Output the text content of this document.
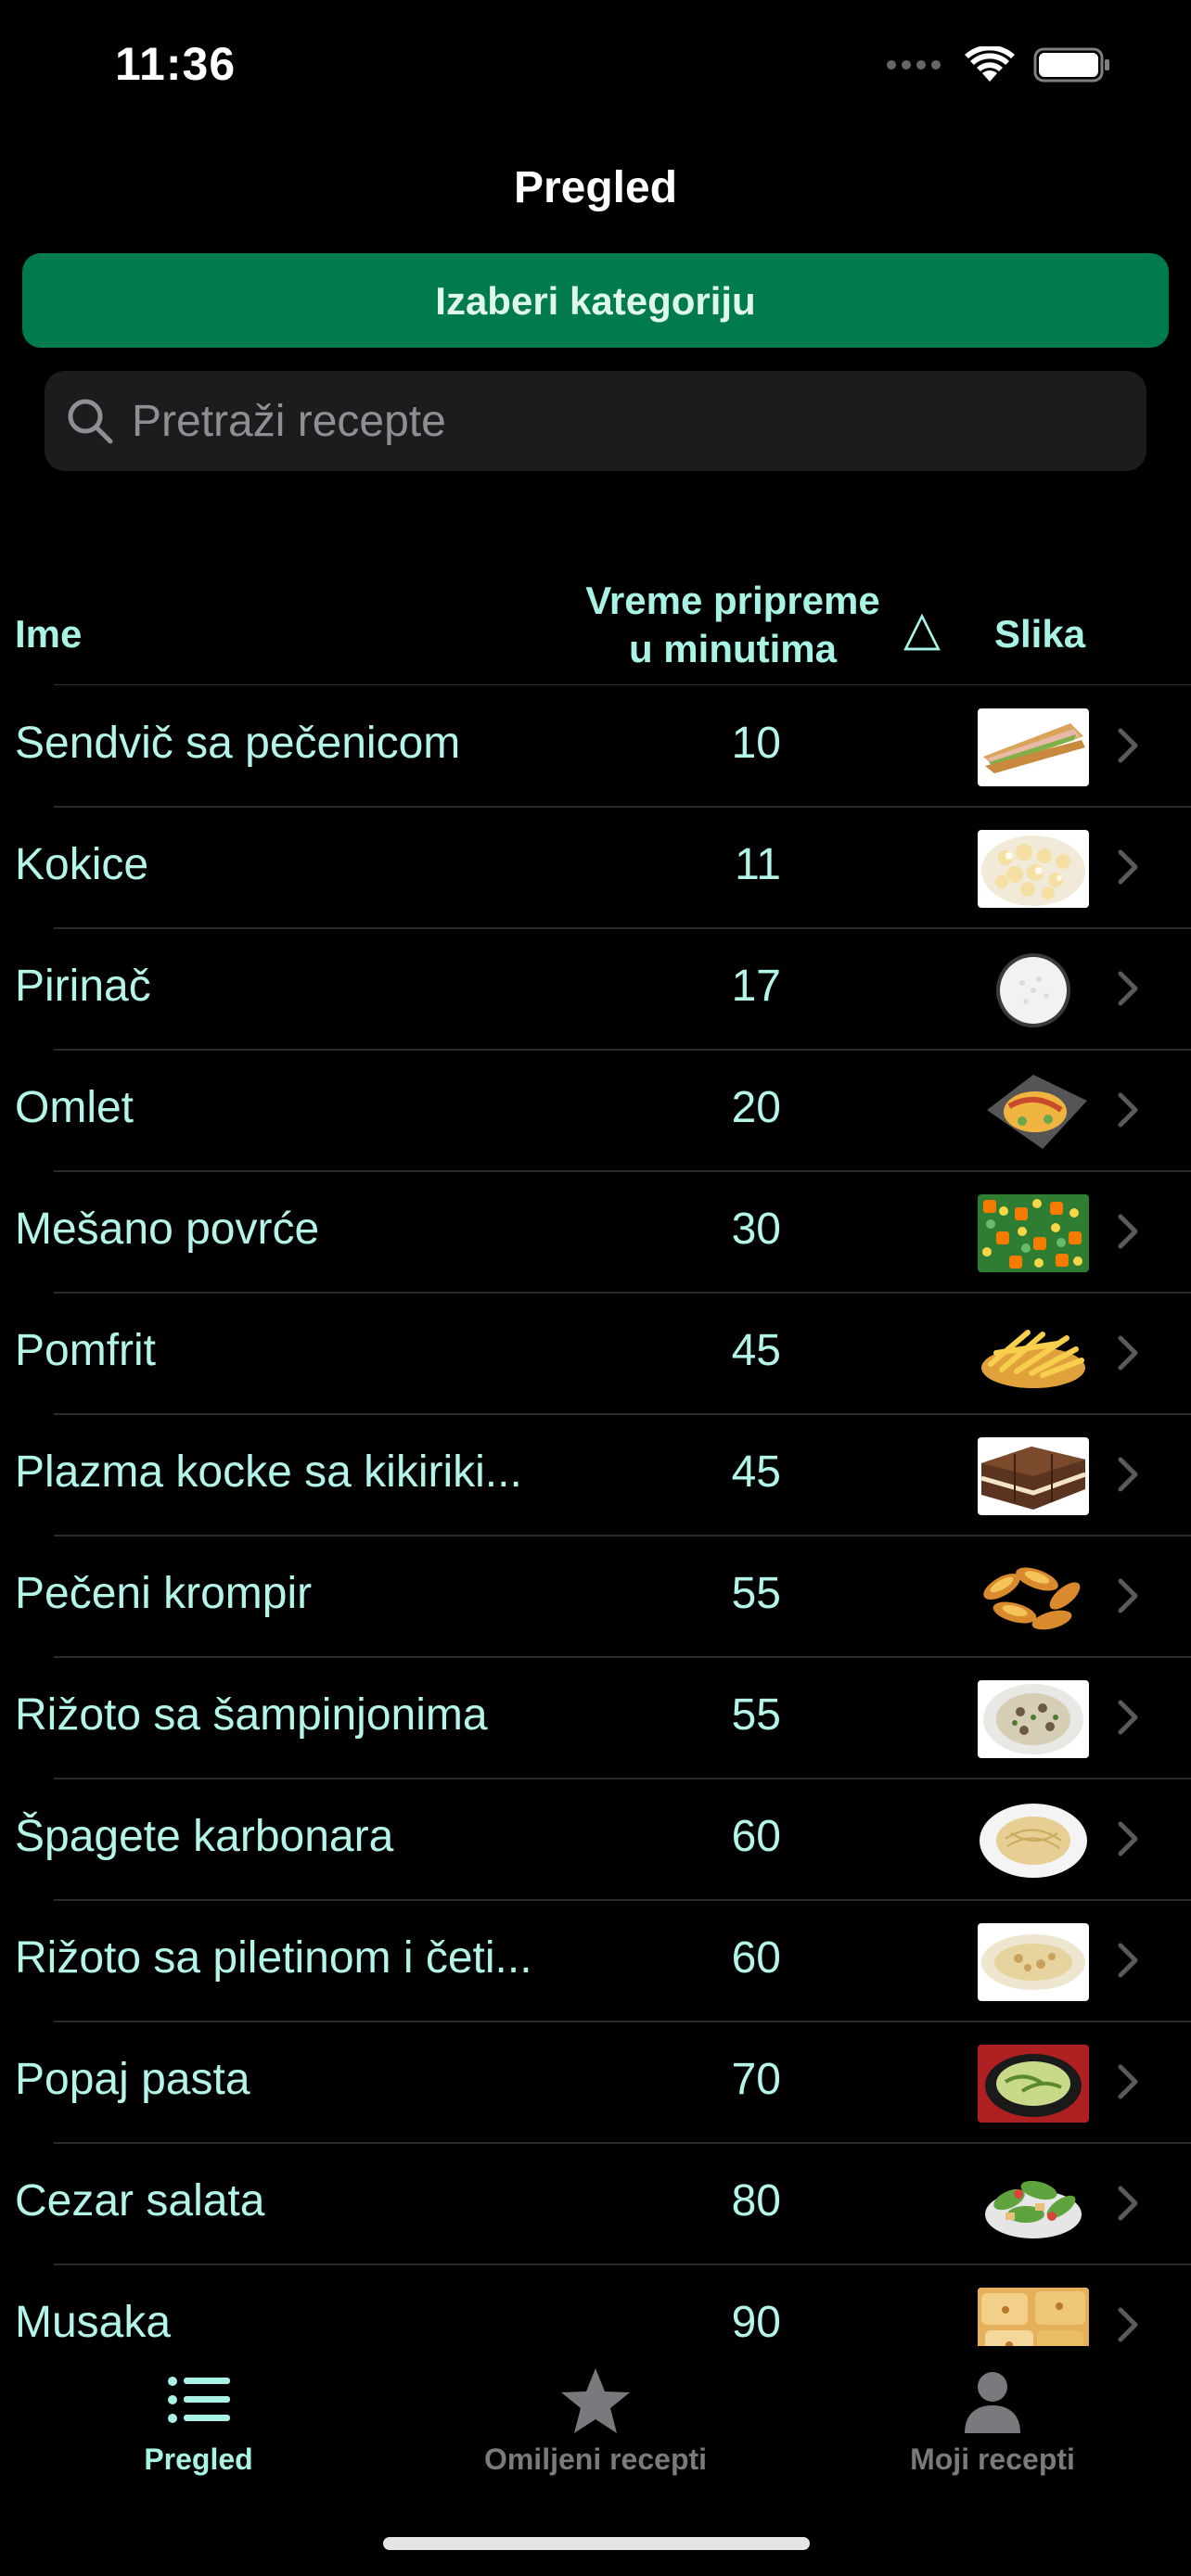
11:36
Pregled
Izaberi kategoriju
Pretraži recepte
Ime
Vreme pripreme
u minutima	△ Slika
Sendvič sa pečenicom	10
Kokice	11
Pirinač	17
Omlet	20
Mešano povrće	30
Pomfrit	45
Plazma kocke sa kikiriki...	45
Pečeni krompir	55
Rižoto sa šampinjonima	55
Špagete karbonara	60
Rižoto sa piletinom i četi...	60
Popaj pasta	70
Cezar salata	80
Musaka	90
Pregled	Omiljeni recepti	Moji recepti
